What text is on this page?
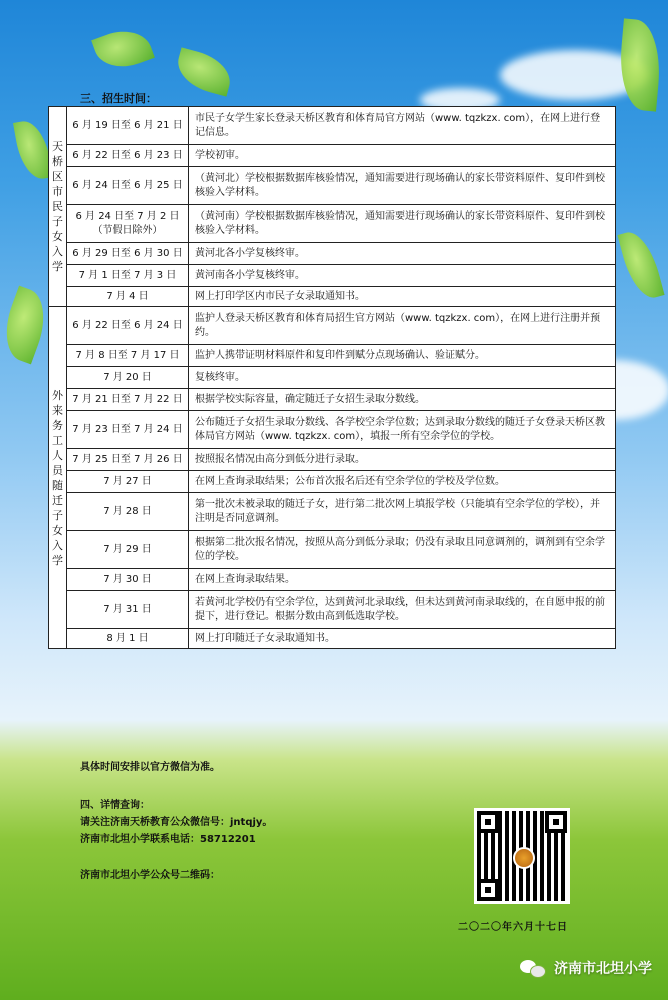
三、招生时间：
天桥区市民子女入学	6 月 19 日至 6 月 21 日	市民子女学生家长登录天桥区教育和体育局官方网站（www. tqzkzx. com），在网上进行登记信息。

	6 月 22 日至 6 月 23 日	学校初审。

	6 月 24 日至 6 月 25 日	（黄河北）学校根据数据库核验情况，通知需要进行现场确认的家长带资料原件、复印件到校核验入学材料。

	6 月 24 日至 7 月 2 日
（节假日除外）	（黄河南）学校根据数据库核验情况，通知需要进行现场确认的家长带资料原件、复印件到校核验入学材料。

	6 月 29 日至 6 月 30 日	黄河北各小学复核终审。

	7 月 1 日至 7 月 3 日	黄河南各小学复核终审。

	7 月 4 日	网上打印学区内市民子女录取通知书。
外来务工人员随迁子女入学	6 月 22 日至 6 月 24 日	监护人登录天桥区教育和体育局招生官方网站（www. tqzkzx. com），在网上进行注册并预约。

	7 月 8 日至 7 月 17 日	监护人携带证明材料原件和复印件到赋分点现场确认、验证赋分。

	7 月 20 日	复核终审。

	7 月 21 日至 7 月 22 日	根据学校实际容量，确定随迁子女招生录取分数线。

	7 月 23 日至 7 月 24 日	公布随迁子女招生录取分数线、各学校空余学位数；达到录取分数线的随迁子女登录天桥区教体局官方网站（www. tqzkzx. com），填报一所有空余学位的学校。

	7 月 25 日至 7 月 26 日	按照报名情况由高分到低分进行录取。

	7 月 27 日	在网上查询录取结果；公布首次报名后还有空余学位的学校及学位数。

	7 月 28 日	第一批次未被录取的随迁子女，进行第二批次网上填报学校（只能填有空余学位的学校），并注明是否同意调剂。

	7 月 29 日	根据第二批次报名情况，按照从高分到低分录取；仍没有录取且同意调剂的，调剂到有空余学位的学校。

	7 月 30 日	在网上查询录取结果。

	7 月 31 日	若黄河北学校仍有空余学位，达到黄河北录取线，但未达到黄河南录取线的，在自愿申报的前提下，进行登记。根据分数由高到低选取学校。

	8 月 1 日	网上打印随迁子女录取通知书。
具体时间安排以官方微信为准。
四、详情查询：
请关注济南天桥教育公众微信号：jntqjy。
济南市北坦小学联系电话：58712201
济南市北坦小学公众号二维码：
二〇二〇年六月十七日
济南市北坦小学
